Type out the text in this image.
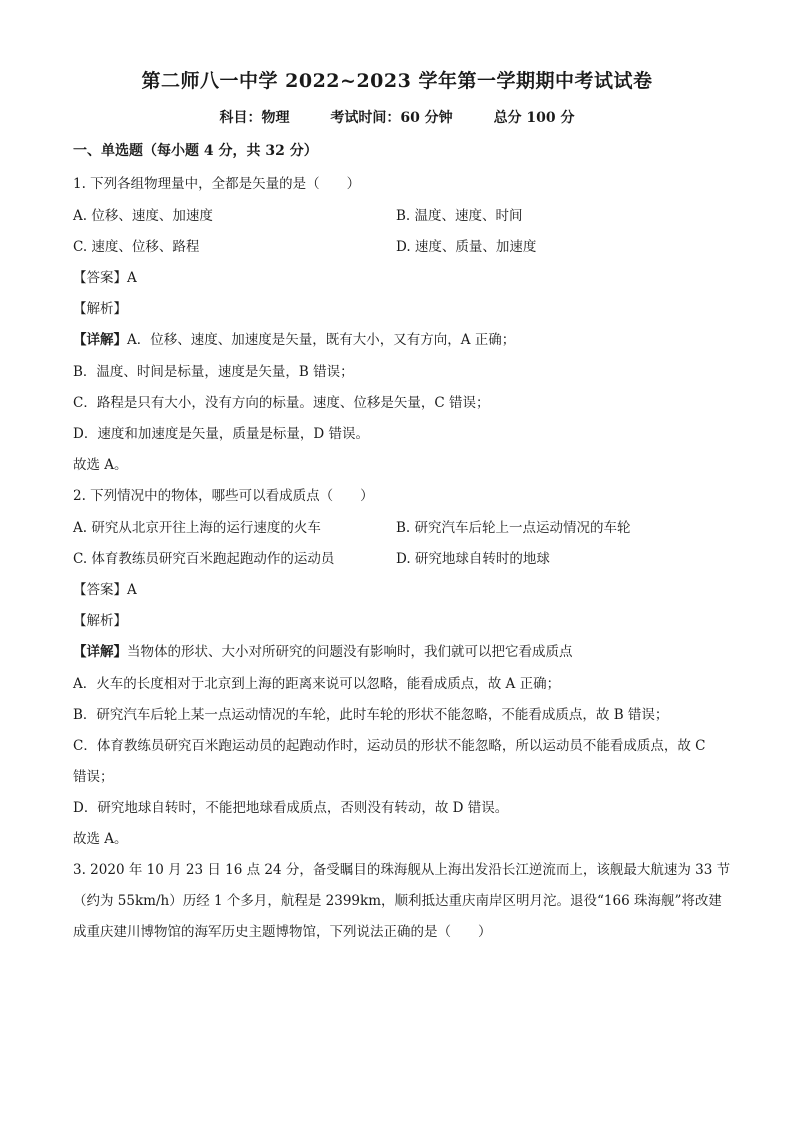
第二师八一中学 2022~2023 学年第一学期期中考试试卷
科目：物理	考试时间：60 分钟	总分 100 分
一、单选题（每小题 4 分，共 32 分）
1. 下列各组物理量中，全都是矢量的是（　　）
A. 位移、速度、加速度	B. 温度、速度、时间
C. 速度、位移、路程	D. 速度、质量、加速度
【答案】A
【解析】
【详解】A．位移、速度、加速度是矢量，既有大小，又有方向，A 正确；
B．温度、时间是标量，速度是矢量，B 错误；
C．路程是只有大小，没有方向的标量。速度、位移是矢量，C 错误；
D．速度和加速度是矢量，质量是标量，D 错误。
故选 A。
2. 下列情况中的物体，哪些可以看成质点（　　）
A. 研究从北京开往上海的运行速度的火车	B. 研究汽车后轮上一点运动情况的车轮
C. 体育教练员研究百米跑起跑动作的运动员	D. 研究地球自转时的地球
【答案】A
【解析】
【详解】当物体的形状、大小对所研究的问题没有影响时，我们就可以把它看成质点
A．火车的长度相对于北京到上海的距离来说可以忽略，能看成质点，故 A 正确；
B．研究汽车后轮上某一点运动情况的车轮，此时车轮的形状不能忽略，不能看成质点，故 B 错误；
C．体育教练员研究百米跑运动员的起跑动作时，运动员的形状不能忽略，所以运动员不能看成质点，故 C
错误；
D．研究地球自转时，不能把地球看成质点，否则没有转动，故 D 错误。
故选 A。
3. 2020 年 10 月 23 日 16 点 24 分，备受瞩目的珠海舰从上海出发沿长江逆流而上，该舰最大航速为 33 节
（约为 55km/h）历经 1 个多月，航程是 2399km，顺利抵达重庆南岸区明月沱。退役“166 珠海舰”将改建
成重庆建川博物馆的海军历史主题博物馆，下列说法正确的是（　　）
